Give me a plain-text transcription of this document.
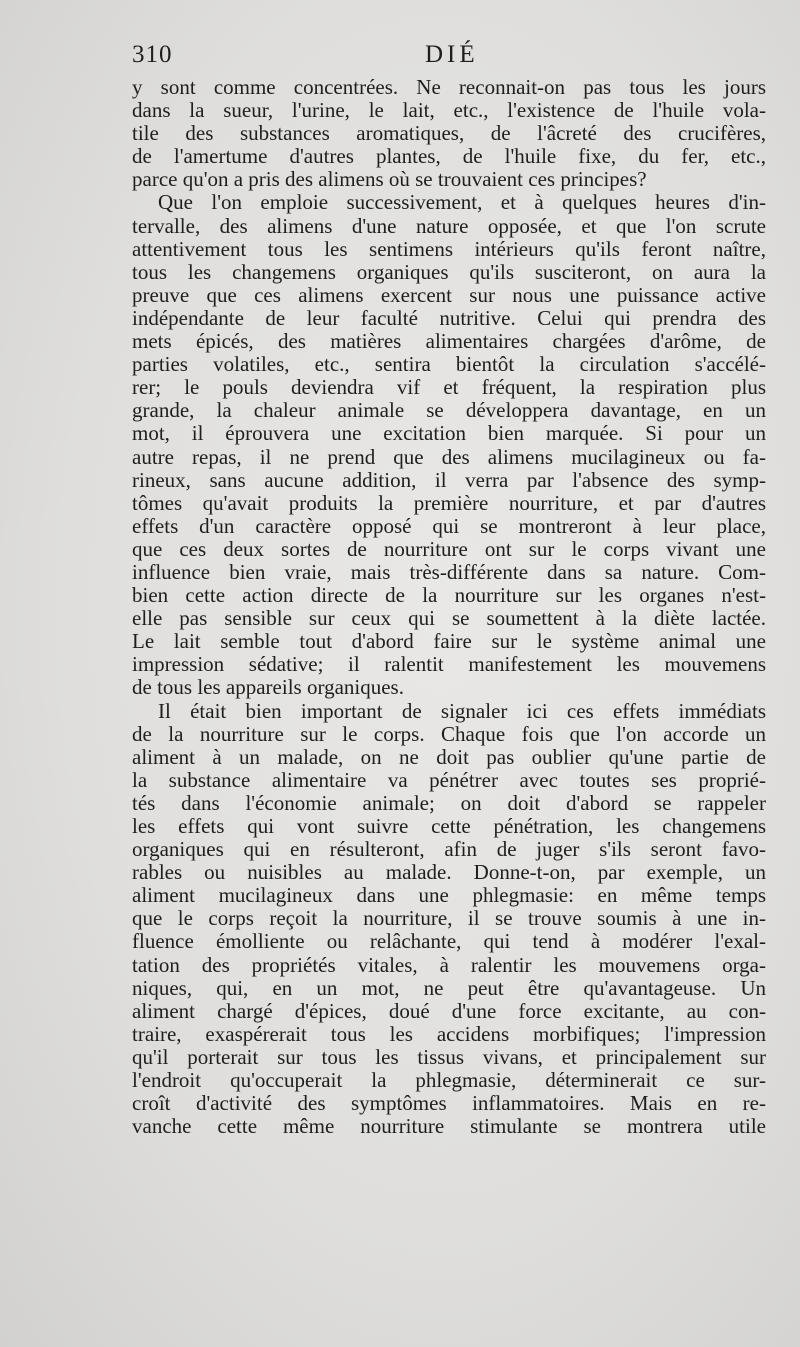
310	DIÉ
y sont comme concentrées. Ne reconnait-on pas tous les jours
dans la sueur, l'urine, le lait, etc., l'existence de l'huile vola-
tile des substances aromatiques, de l'âcreté des crucifères,
de l'amertume d'autres plantes, de l'huile fixe, du fer, etc.,
parce qu'on a pris des alimens où se trouvaient ces principes?
Que l'on emploie successivement, et à quelques heures d'in-
tervalle, des alimens d'une nature opposée, et que l'on scrute
attentivement tous les sentimens intérieurs qu'ils feront naître,
tous les changemens organiques qu'ils susciteront, on aura la
preuve que ces alimens exercent sur nous une puissance active
indépendante de leur faculté nutritive. Celui qui prendra des
mets épicés, des matières alimentaires chargées d'arôme, de
parties volatiles, etc., sentira bientôt la circulation s'accélé-
rer; le pouls deviendra vif et fréquent, la respiration plus
grande, la chaleur animale se développera davantage, en un
mot, il éprouvera une excitation bien marquée. Si pour un
autre repas, il ne prend que des alimens mucilagineux ou fa-
rineux, sans aucune addition, il verra par l'absence des symp-
tômes qu'avait produits la première nourriture, et par d'autres
effets d'un caractère opposé qui se montreront à leur place,
que ces deux sortes de nourriture ont sur le corps vivant une
influence bien vraie, mais très-différente dans sa nature. Com-
bien cette action directe de la nourriture sur les organes n'est-
elle pas sensible sur ceux qui se soumettent à la diète lactée.
Le lait semble tout d'abord faire sur le système animal une
impression sédative; il ralentit manifestement les mouvemens
de tous les appareils organiques.
Il était bien important de signaler ici ces effets immédiats
de la nourriture sur le corps. Chaque fois que l'on accorde un
aliment à un malade, on ne doit pas oublier qu'une partie de
la substance alimentaire va pénétrer avec toutes ses proprié-
tés dans l'économie animale; on doit d'abord se rappeler
les effets qui vont suivre cette pénétration, les changemens
organiques qui en résulteront, afin de juger s'ils seront favo-
rables ou nuisibles au malade. Donne-t-on, par exemple, un
aliment mucilagineux dans une phlegmasie: en même temps
que le corps reçoit la nourriture, il se trouve soumis à une in-
fluence émolliente ou relâchante, qui tend à modérer l'exal-
tation des propriétés vitales, à ralentir les mouvemens orga-
niques, qui, en un mot, ne peut être qu'avantageuse. Un
aliment chargé d'épices, doué d'une force excitante, au con-
traire, exaspérerait tous les accidens morbifiques; l'impression
qu'il porterait sur tous les tissus vivans, et principalement sur
l'endroit qu'occuperait la phlegmasie, déterminerait ce sur-
croît d'activité des symptômes inflammatoires. Mais en re-
vanche cette même nourriture stimulante se montrera utile
